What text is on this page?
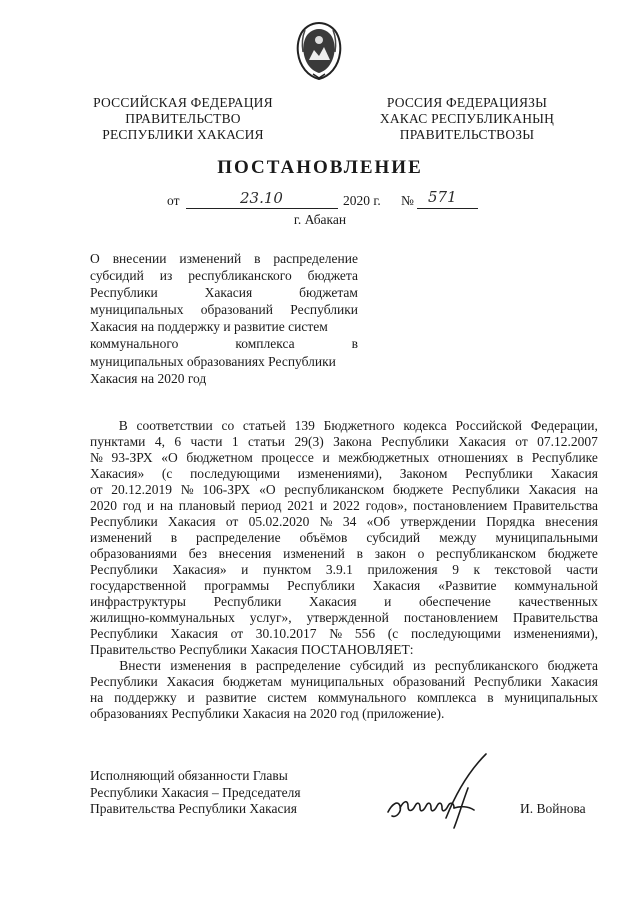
РОССИЙСКАЯ ФЕДЕРАЦИЯ
ПРАВИТЕЛЬСТВО
РЕСПУБЛИКИ ХАКАСИЯ
РОССИЯ ФЕДЕРАЦИЯЗЫ
ХАКАС РЕСПУБЛИКАНЫҢ
ПРАВИТЕЛЬСТВОЗЫ
ПОСТАНОВЛЕНИЕ
от	23.10	2020 г. № 571
г. Абакан
О внесении изменений в распределение
субсидий из республиканского бюджета
Республики	Хакасия	бюджетам
муниципальных образований Республики
Хакасия на поддержку и развитие систем
коммунального	комплекса	в
муниципальных образованиях Республики
Хакасия на 2020 год
В соответствии со статьей 139 Бюджетного кодекса Российской Федерации,
пунктами 4, 6 части 1 статьи 29(3) Закона Республики Хакасия от 07.12.2007
№ 93-ЗРХ «О бюджетном процессе и межбюджетных отношениях в Республике
Хакасия» (с последующими изменениями), Законом Республики Хакасия
от 20.12.2019 № 106-ЗРХ «О республиканском бюджете Республики Хакасия на
2020 год и на плановый период 2021 и 2022 годов», постановлением Правительства
Республики Хакасия от 05.02.2020 № 34 «Об утверждении Порядка внесения
изменений в распределение объёмов субсидий между муниципальными
образованиями без внесения изменений в закон о республиканском бюджете
Республики Хакасия» и пунктом 3.9.1 приложения 9 к текстовой части
государственной программы Республики Хакасия «Развитие коммунальной
инфраструктуры Республики Хакасия и обеспечение качественных
жилищно-коммунальных услуг», утвержденной постановлением Правительства
Республики Хакасия от 30.10.2017 № 556 (с последующими изменениями),
Правительство Республики Хакасия ПОСТАНОВЛЯЕТ:
Внести изменения в распределение субсидий из республиканского бюджета
Республики Хакасия бюджетам муниципальных образований Республики Хакасия
на поддержку и развитие систем коммунального комплекса в муниципальных
образованиях Республики Хакасия на 2020 год (приложение).
Исполняющий обязанности Главы
Республики Хакасия – Председателя
Правительства Республики Хакасия	И. Войнова
